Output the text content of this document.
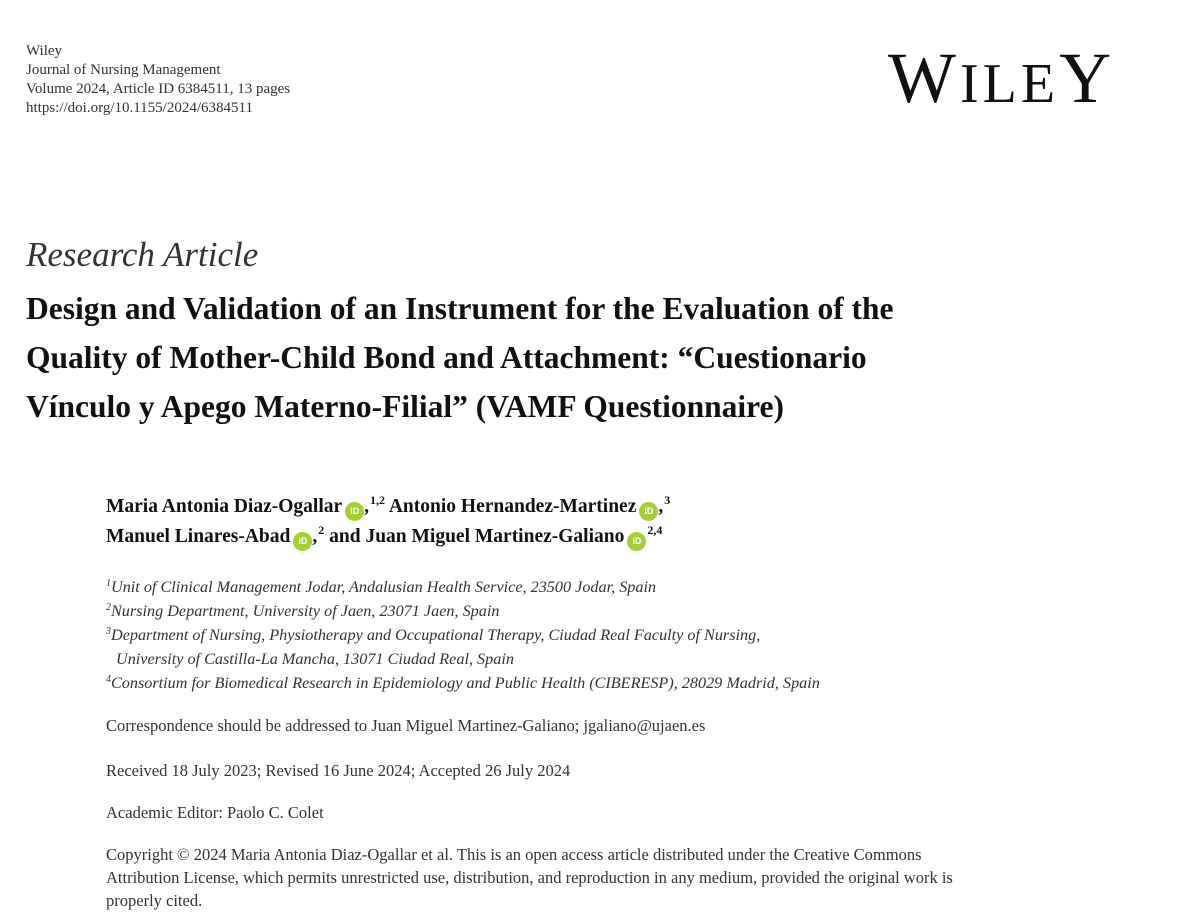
Wiley
Journal of Nursing Management
Volume 2024, Article ID 6384511, 13 pages
https://doi.org/10.1155/2024/6384511	WILEY
Research Article
Design and Validation of an Instrument for the Evaluation of the
Quality of Mother-Child Bond and Attachment: “Cuestionario
Vínculo y Apego Materno-Filial” (VAMF Questionnaire)
Maria Antonia Diaz-Ogallar iD ,$^{1,2}$ Antonio Hernandez-Martinez iD ,$^3$
Manuel Linares-Abad iD ,$^2$ and Juan Miguel Martinez-Galiano iD$^{2,4}$
$^1$Unit of Clinical Management Jodar, Andalusian Health Service, 23500 Jodar, Spain
$^2$Nursing Department, University of Jaen, 23071 Jaen, Spain
$^3$Department of Nursing, Physiotherapy and Occupational Therapy, Ciudad Real Faculty of Nursing,
University of Castilla-La Mancha, 13071 Ciudad Real, Spain
$^4$Consortium for Biomedical Research in Epidemiology and Public Health (CIBERESP), 28029 Madrid, Spain
Correspondence should be addressed to Juan Miguel Martinez-Galiano; jgaliano@ujaen.es
Received 18 July 2023; Revised 16 June 2024; Accepted 26 July 2024
Academic Editor: Paolo C. Colet
Copyright © 2024 Maria Antonia Diaz-Ogallar et al. This is an open access article distributed under the Creative Commons
Attribution License, which permits unrestricted use, distribution, and reproduction in any medium, provided the original work is
properly cited.
